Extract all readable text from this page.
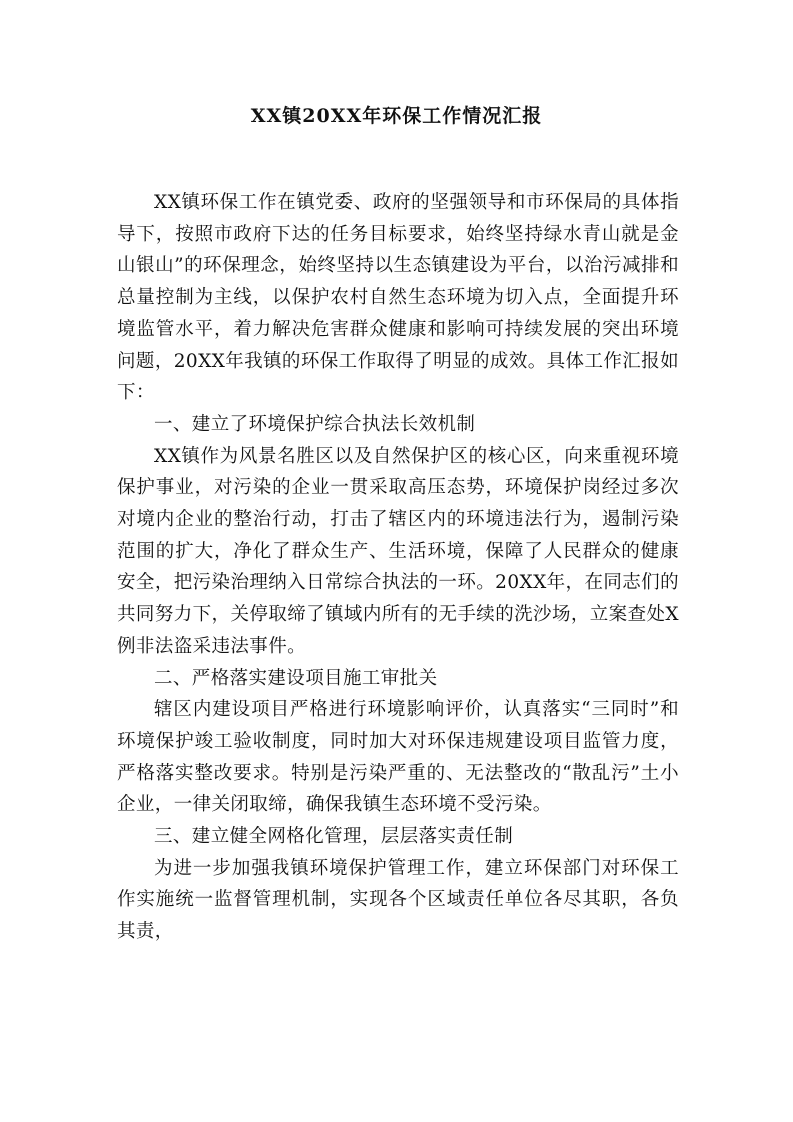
XX镇20XX年环保工作情况汇报

XX镇环保工作在镇党委、政府的坚强领导和市环保局的具体指导下，按照市政府下达的任务目标要求，始终坚持绿水青山就是金山银山”的环保理念，始终坚持以生态镇建设为平台，以治污减排和总量控制为主线，以保护农村自然生态环境为切入点，全面提升环境监管水平，着力解决危害群众健康和影响可持续发展的突出环境问题，20XX年我镇的环保工作取得了明显的成效。具体工作汇报如下：

一、建立了环境保护综合执法长效机制

XX镇作为风景名胜区以及自然保护区的核心区，向来重视环境保护事业，对污染的企业一贯采取高压态势，环境保护岗经过多次对境内企业的整治行动，打击了辖区内的环境违法行为，遏制污染范围的扩大，净化了群众生产、生活环境，保障了人民群众的健康安全，把污染治理纳入日常综合执法的一环。20XX年，在同志们的共同努力下，关停取缔了镇域内所有的无手续的洗沙场，立案查处X例非法盗采违法事件。

二、严格落实建设项目施工审批关

辖区内建设项目严格进行环境影响评价，认真落实“三同时”和环境保护竣工验收制度，同时加大对环保违规建设项目监管力度，严格落实整改要求。特别是污染严重的、无法整改的“散乱污”土小企业，一律关闭取缔，确保我镇生态环境不受污染。

三、建立健全网格化管理，层层落实责任制

为进一步加强我镇环境保护管理工作，建立环保部门对环保工作实施统一监督管理机制，实现各个区域责任单位各尽其职，各负其责，
